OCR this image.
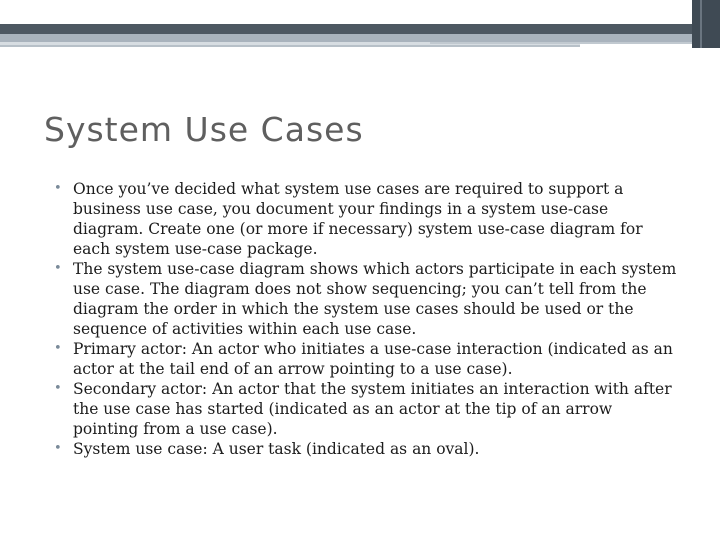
System Use Cases
• Once you’ve decided what system use cases are required to support a business use case, you document your findings in a system use-case diagram. Create one (or more if necessary) system use-case diagram for each system use-case package.
• The system use-case diagram shows which actors participate in each system use case. The diagram does not show sequencing; you can’t tell from the diagram the order in which the system use cases should be used or the sequence of activities within each use case.
• Primary actor: An actor who initiates a use-case interaction (indicated as an actor at the tail end of an arrow pointing to a use case).
• Secondary actor: An actor that the system initiates an interaction with after the use case has started (indicated as an actor at the tip of an arrow pointing from a use case).
• System use case: A user task (indicated as an oval).
